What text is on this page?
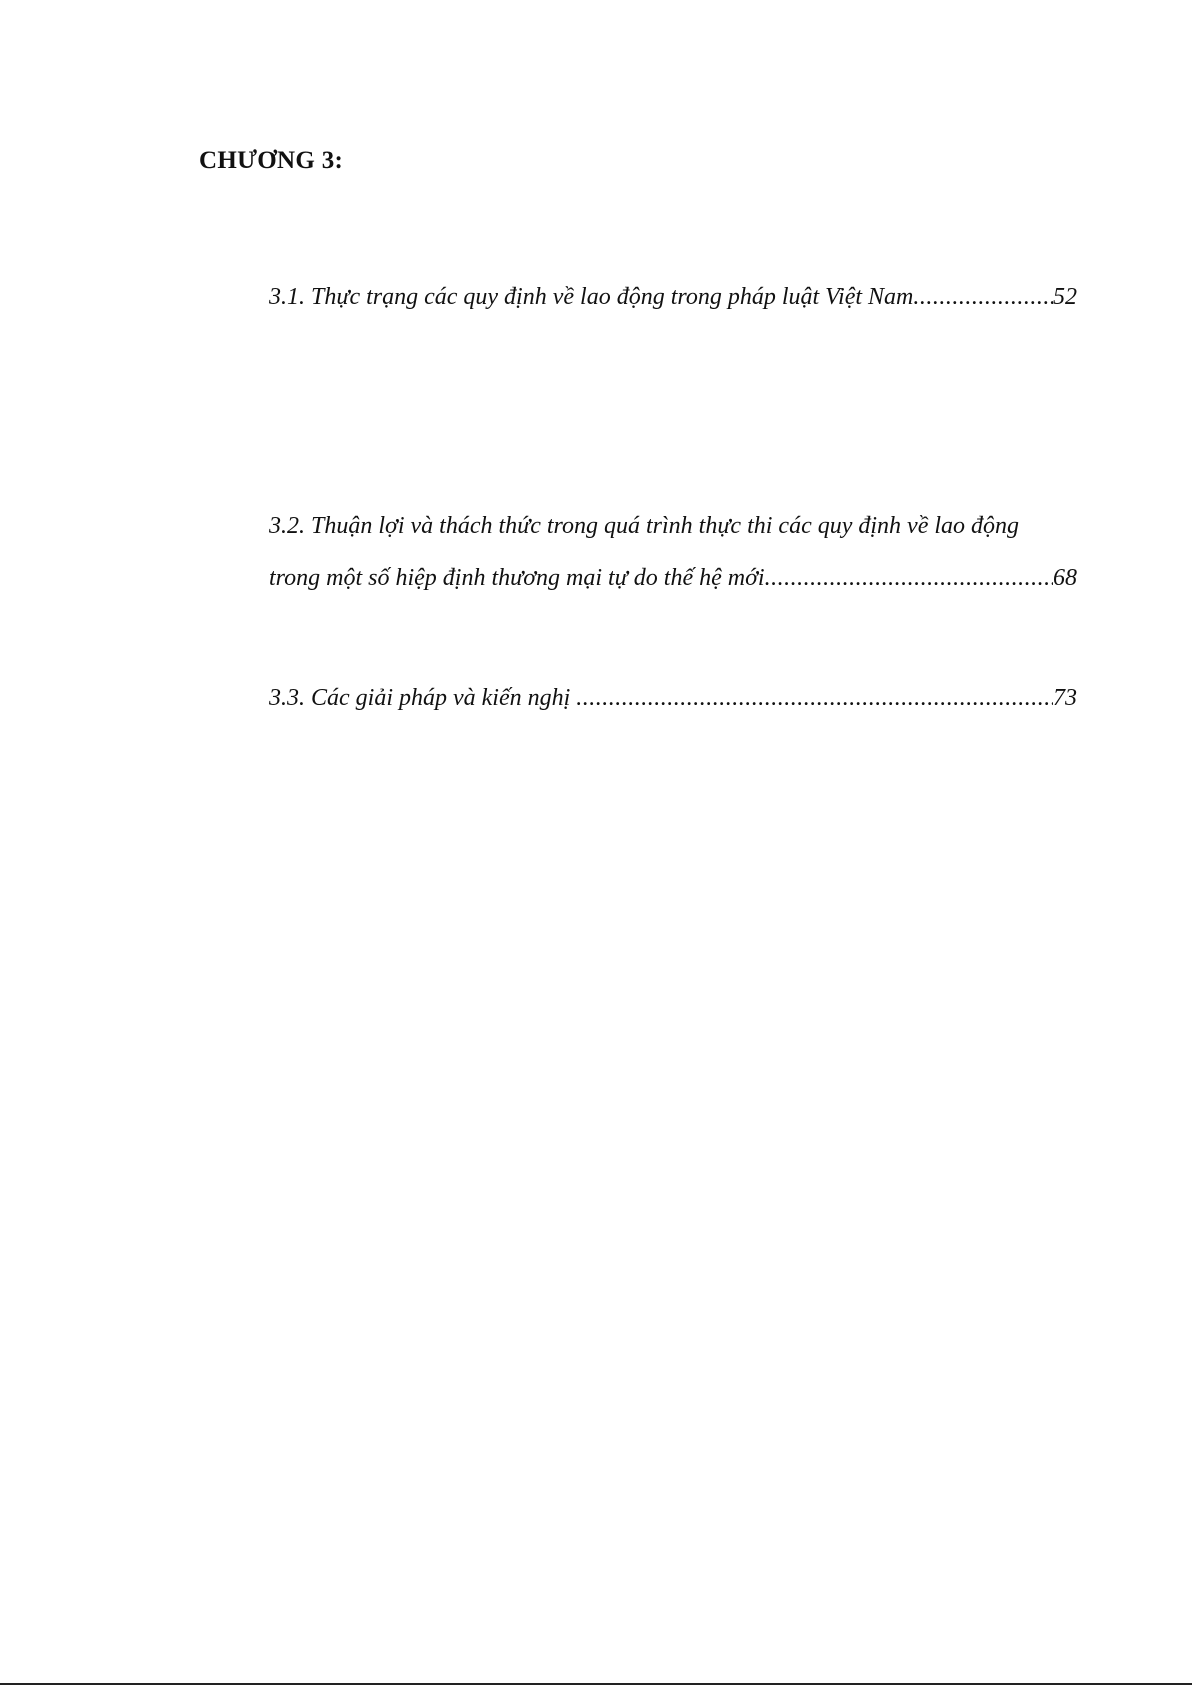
CHƯƠNG 3:
3.1. Thực trạng các quy định về lao động trong pháp luật Việt Nam .....	52
3.2. Thuận lợi và thách thức trong quá trình thực thi các quy định về lao động
trong một số hiệp định thương mại tự do thế hệ mới .....	68
3.3. Các giải pháp và kiến nghị .....	73
